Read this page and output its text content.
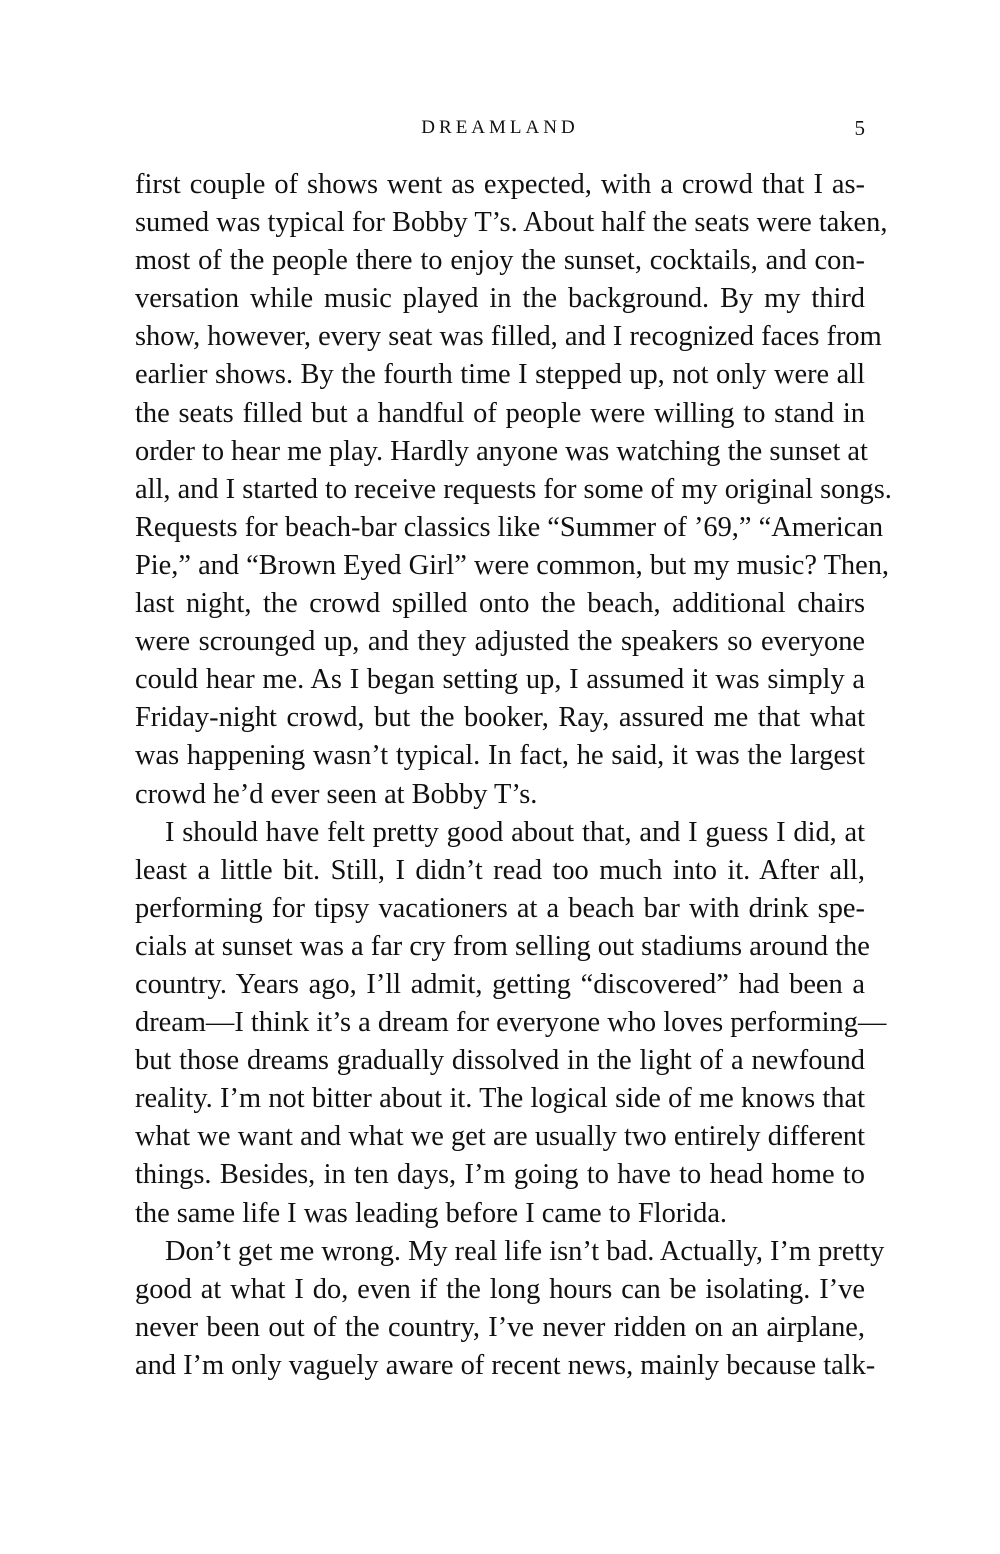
DREAMLAND	5
first couple of shows went as expected, with a crowd that I as-
sumed was typical for Bobby T’s. About half the seats were taken,
most of the people there to enjoy the sunset, cocktails, and con-
versation while music played in the background. By my third
show, however, every seat was filled, and I recognized faces from
earlier shows. By the fourth time I stepped up, not only were all
the seats filled but a handful of people were willing to stand in
order to hear me play. Hardly anyone was watching the sunset at
all, and I started to receive requests for some of my original songs.
Requests for beach-bar classics like “Summer of ’69,” “American
Pie,” and “Brown Eyed Girl” were common, but my music? Then,
last night, the crowd spilled onto the beach, additional chairs
were scrounged up, and they adjusted the speakers so everyone
could hear me. As I began setting up, I assumed it was simply a
Friday-night crowd, but the booker, Ray, assured me that what
was happening wasn’t typical. In fact, he said, it was the largest
crowd he’d ever seen at Bobby T’s.
I should have felt pretty good about that, and I guess I did, at
least a little bit. Still, I didn’t read too much into it. After all,
performing for tipsy vacationers at a beach bar with drink spe-
cials at sunset was a far cry from selling out stadiums around the
country. Years ago, I’ll admit, getting “discovered” had been a
dream—I think it’s a dream for everyone who loves performing—
but those dreams gradually dissolved in the light of a newfound
reality. I’m not bitter about it. The logical side of me knows that
what we want and what we get are usually two entirely different
things. Besides, in ten days, I’m going to have to head home to
the same life I was leading before I came to Florida.
Don’t get me wrong. My real life isn’t bad. Actually, I’m pretty
good at what I do, even if the long hours can be isolating. I’ve
never been out of the country, I’ve never ridden on an airplane,
and I’m only vaguely aware of recent news, mainly because talk-
